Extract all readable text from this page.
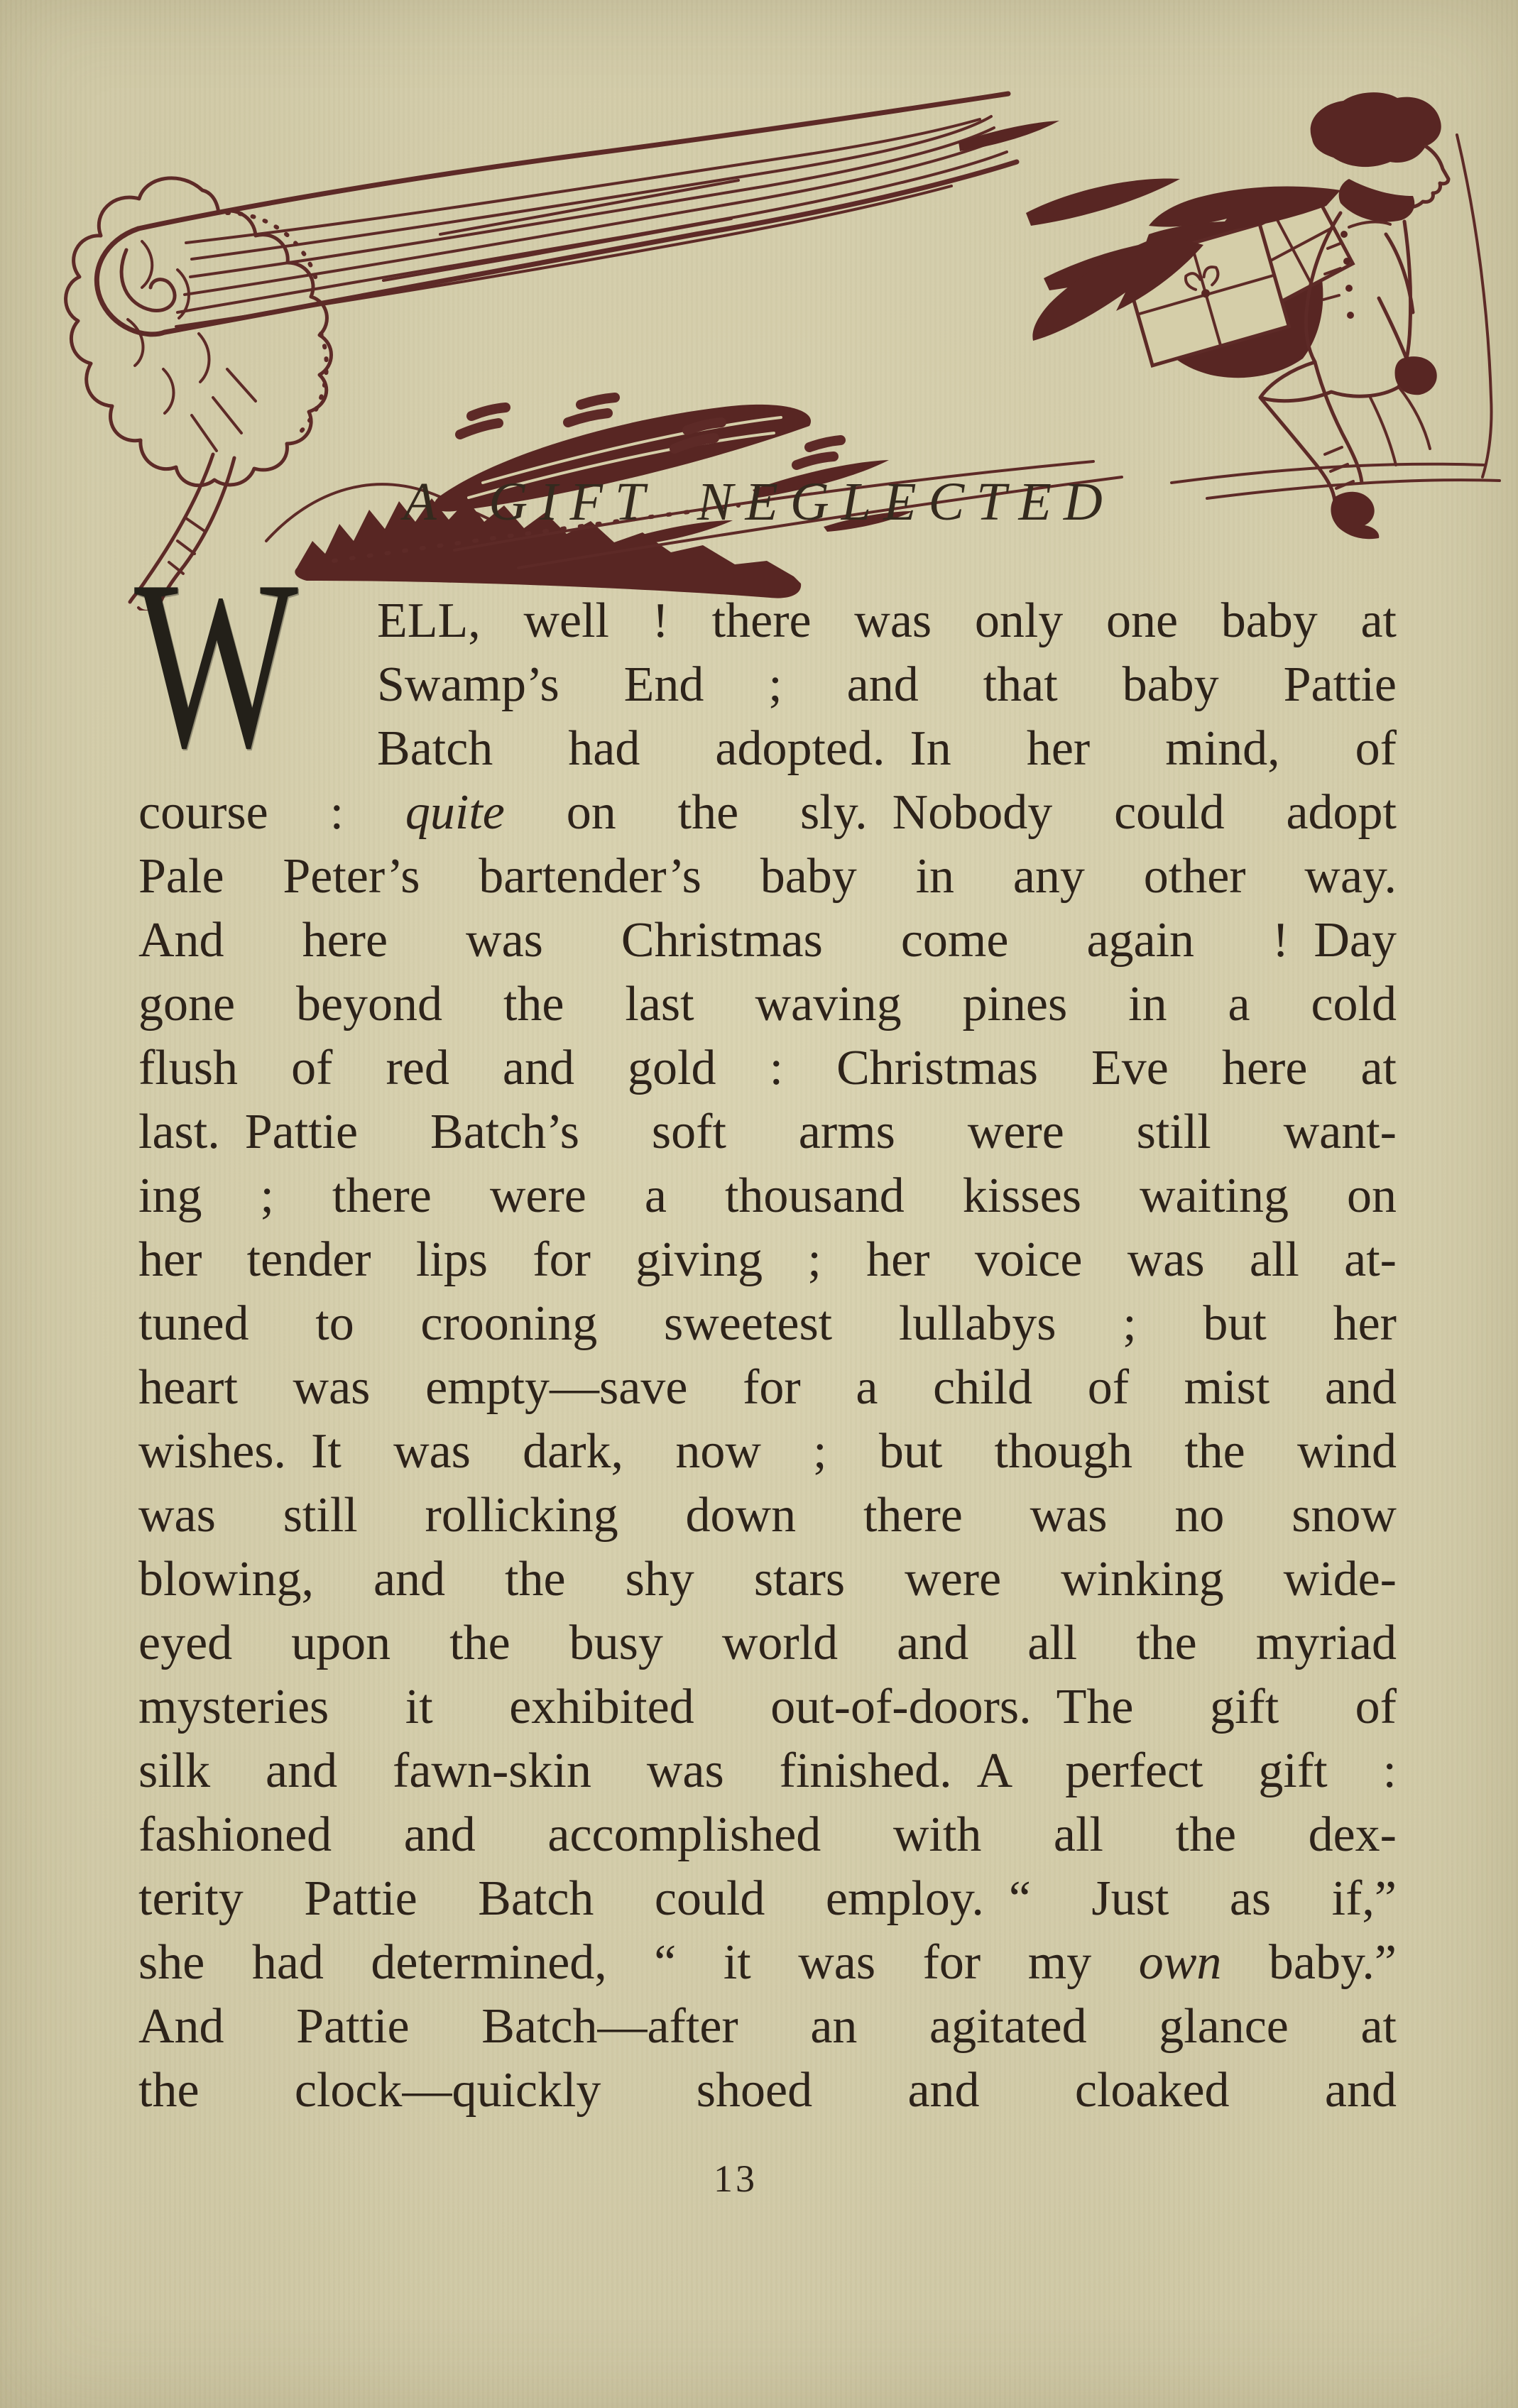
A GIFT NEGLECTED
W	ELL, well ! there was only one baby at
Swamp’s End ; and that baby Pattie
Batch had adopted. In her mind, of
course : quite on the sly. Nobody could adopt
Pale Peter’s bartender’s baby in any other way.
And here was Christmas come again ! Day
gone beyond the last waving pines in a cold
flush of red and gold : Christmas Eve here at
last. Pattie Batch’s soft arms were still want-
ing ; there were a thousand kisses waiting on
her tender lips for giving ; her voice was all at-
tuned to crooning sweetest lullabys ; but her
heart was empty—save for a child of mist and
wishes. It was dark, now ; but though the wind
was still rollicking down there was no snow
blowing, and the shy stars were winking wide-
eyed upon the busy world and all the myriad
mysteries it exhibited out-of-doors. The gift of
silk and fawn-skin was finished. A perfect gift :
fashioned and accomplished with all the dex-
terity Pattie Batch could employ. “ Just as if,”
she had determined, “ it was for my own baby.”
And Pattie Batch—after an agitated glance at
the clock—quickly shoed and cloaked and
13
